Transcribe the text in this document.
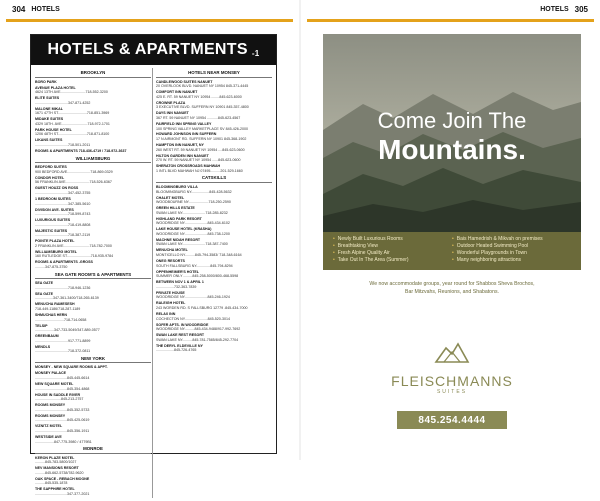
304 HOTELS	HOTELS 305
HOTELS & APARTMENTS -1
BROOKLYN
BORO PARK
AVENUE PLAZA HOTEL
4624 13TH AVE.........................718-552-3200
ELITE SUITES
.................................347-871-4252
MALONE MIKAL
1671 47TH ST.............................718-851-3969
MIDAKE SUITES
4329 18TH. AVE..........................718-972-1701
PARK HOUSE HOTEL
1206 48TH ST.............................718-871-8100
LIKANS SUITES
.................................718-501-2011
ROOMS & APARTMENTS 718-436-4719 / 718-972-3637
WILLIAMSBURG
BEDFORD SUITES
900 BEDFORD AVE.......................718-869-0329
CONDOR HOTEL
56 FRANKLIN AVE........................718-526-6367
GUEST HOUZZ ON ROSS
.................................347-452-3755
1 BEDROOM SUITES
.................................347-385-5610
DIVISION AVE. SUITES
.................................718-599-8743
LUXURIOUS SUITES
.................................718-419-8808
MAJESTIC SUITES
.................................718-387-2119
POINTE PLAZA HOTEL
2 FRANKLIN AVE..........................718-782-7000
WILLIAMSBURG MOTEL
160 RUTLEDGE ST........................718-935-9784
ROOMS & APARTMENTS -GROSS
..........347-875-3750
SEA GATE ROOM'S & APARTMENTS
SEA GATE
.................................718-946-1236
SEA GATE
..................347-361-3400/718-265-6139
MENUCHA RAMESESH
718-449-1186/718-287-1189
SHMUCHAS HERN
.............................718-714-0658
TELSIP
...................347-733-5049/347-889-0577
GREENBAUM
.................................917-771-8899
MENDLS
.................................718-372-0811
NEW YORK
MONSEY - NEW SQUARE ROOMS & APPT.
MONSEY PALACE
................................845-445-6614
NEW SQUARE MOTEL
................................845-354-4868
HOUSE IN SADDLE RIVER
..........................845-213-2757
ROOMS MONSEY
................................845-352-5733
ROOMS MONSEY
................................845-425-0619
VIZNITZ MOTEL
................................845-356-1911
WESTSIDE AVE
...................847-775-3980 / 4779B1
MONROE
KERON PLAZE MOTEL
..........845-783-5800/1027
NEV MANSIONS RESORT
..........845-662-5738/782-9620
OAK SPACE - REBACH MOONE
..........845-535-1878
THE SAPPHIRE HOTEL
................................347-377-2021
HOTELS NEAR MONSEY
CANDLEWOOD SUITES NANUET
20 OVERLOOK BLVD. NANUET NY 10954 845-371-4445
COMFORT INN NANUET
425 E. RT. 59 NANUET NY 10954 ........845-623-6000
CROWNE PLAZA
3 EXECUTIVE BLVD. SUFFERN NY 10901 845-357-4800
DAYS INN NANUET
367 RT. 59 NANUET NY 10954 ...........845-623-4567
FAIRFIELD INN SPRING VALLEY
100 SPRING VALLEY MARKETPLACE SV 845-426-2000
HOWARD JOHNSON INN SUFFERN
17 N AIRMONT RD. SUFFERN NY 10901 845-368-1902
HAMPTON INN NANUET, NY
260 WEST RT. 59 NANUET NY 10954 ....845-623-0600
HILTON GARDEN INN NANUET
270 W. RT. 59 NANUET NY 10954 ......845-623-0600
SHERATON CROSSROADS MAHWAH
1 INTL BLVD MAHWAH NJ 07495..........201-529-1660
CATSKILLS
BLOOMINGBURG VILLA
BLOOMINGBURG NY..................845-428-5632
CHALET MOTEL
WOODBOURNE NY....................718-250-2590
GREEN HILLS ESTATE
SWAN LAKE NY.......................718-285-8232
HIGHLAND PARK RESORT
WOODRIDGE NY.......................845-434-6102
LAKE HOUSE HOTEL (KRASHA)
WOODRIDGE NY.......................845-738-1200
MACHNE NIDAH RESORT
SWAN LAKE NY.......................718-387-7400
MENUCHA MOTEL
MONTICELLO NY..........845-794-3583/ 718-348-6164
ONEG RESORTS
SOUTH FALLSBURG NY..............845-794-8294
OPPENHEIMER'S HOTEL
SUMMER ONLY .........845-258-5000/800-468-5598
BETWEEN NOV 1 & APRIL 1
..................732-363-7839
PRIVATE HOUSE
WOODRIDGE NY.......................845-246-1924
RALEIGH HOTEL
243 WORDEN RD. S FALLSBURG 12779 .845-434-7000
RELAX INN
COCHECTON NY.......................845-520-3014
SOFER APTS. IN WOODRIDGE
WOODRIDGE NY..........845-434-9488/917-992-7692
SWAN LAKE REST RESORT
SWAN LAKE NY..........845-781-7585/845-292-7704
THE DERYL ELDEVILLE NY
..................845-726-4765
Come Join The
Mountains.
• Newly Built Luxurious Rooms
• Breathtaking View
• Fresh Alpine Quality Air
• Take Out In The Area (Summer)
• Bais Hamedrish & Mikvah on premises
• Outdoor Heated Swimming Pool
• Wonderful Playgrounds in Town
• Many neighboring attractions
We now accommodate groups, year round for Shabbos Sheva Brochos,
Bar Mitzvahs, Reunions, and Shabatons.
FLEISCHMANNS
SUITES
845.254.4444
